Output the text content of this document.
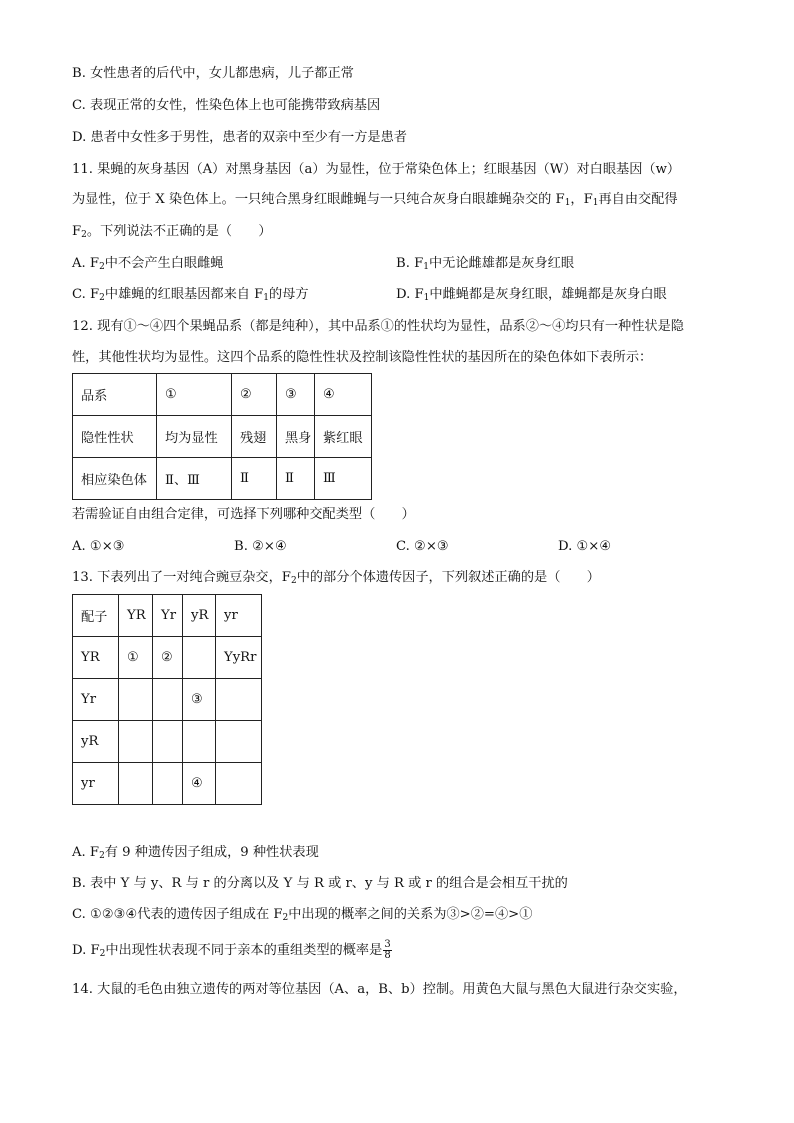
B. 女性患者的后代中，女儿都患病，儿子都正常
C. 表现正常的女性，性染色体上也可能携带致病基因
D. 患者中女性多于男性，患者的双亲中至少有一方是患者
11. 果蝇的灰身基因（A）对黑身基因（a）为显性，位于常染色体上；红眼基因（W）对白眼基因（w）
为显性，位于 X 染色体上。一只纯合黑身红眼雌蝇与一只纯合灰身白眼雄蝇杂交的 $F_1$，$F_1$再自由交配得
$F_2$。下列说法不正确的是（　　）
A. $F_2$中不会产生白眼雌蝇	B. $F_1$中无论雌雄都是灰身红眼
C. $F_2$中雄蝇的红眼基因都来自 $F_1$的母方	D. $F_1$中雌蝇都是灰身红眼，雄蝇都是灰身白眼
12. 现有①～④四个果蝇品系（都是纯种），其中品系①的性状均为显性，品系②～④均只有一种性状是隐
性，其他性状均为显性。这四个品系的隐性性状及控制该隐性性状的基因所在的染色体如下表所示：
品系	①	②	③	④
隐性性状	均为显性	残翅	黑身	紫红眼
相应染色体	Ⅱ、Ⅲ	Ⅱ	Ⅱ	Ⅲ
若需验证自由组合定律，可选择下列哪种交配类型（　　）
A. ①×③	B. ②×④	C. ②×③	D. ①×④
13. 下表列出了一对纯合豌豆杂交，$F_2$中的部分个体遗传因子，下列叙述正确的是（　　）
配子	YR	Yr	yR	yr
YR	①	②		YyRr
Yr			③	
yR				
yr			④	
A. $F_2$有 9 种遗传因子组成，9 种性状表现
B. 表中 Y 与 y、R 与 r 的分离以及 Y 与 R 或 r、y 与 R 或 r 的组合是会相互干扰的
C. ①②③④代表的遗传因子组成在 $F_2$中出现的概率之间的关系为③>②=④>①
D. $F_2$中出现性状表现不同于亲本的重组类型的概率是 $\frac{3}{8}$
14. 大鼠的毛色由独立遗传的两对等位基因（A、a，B、b）控制。用黄色大鼠与黑色大鼠进行杂交实验，
